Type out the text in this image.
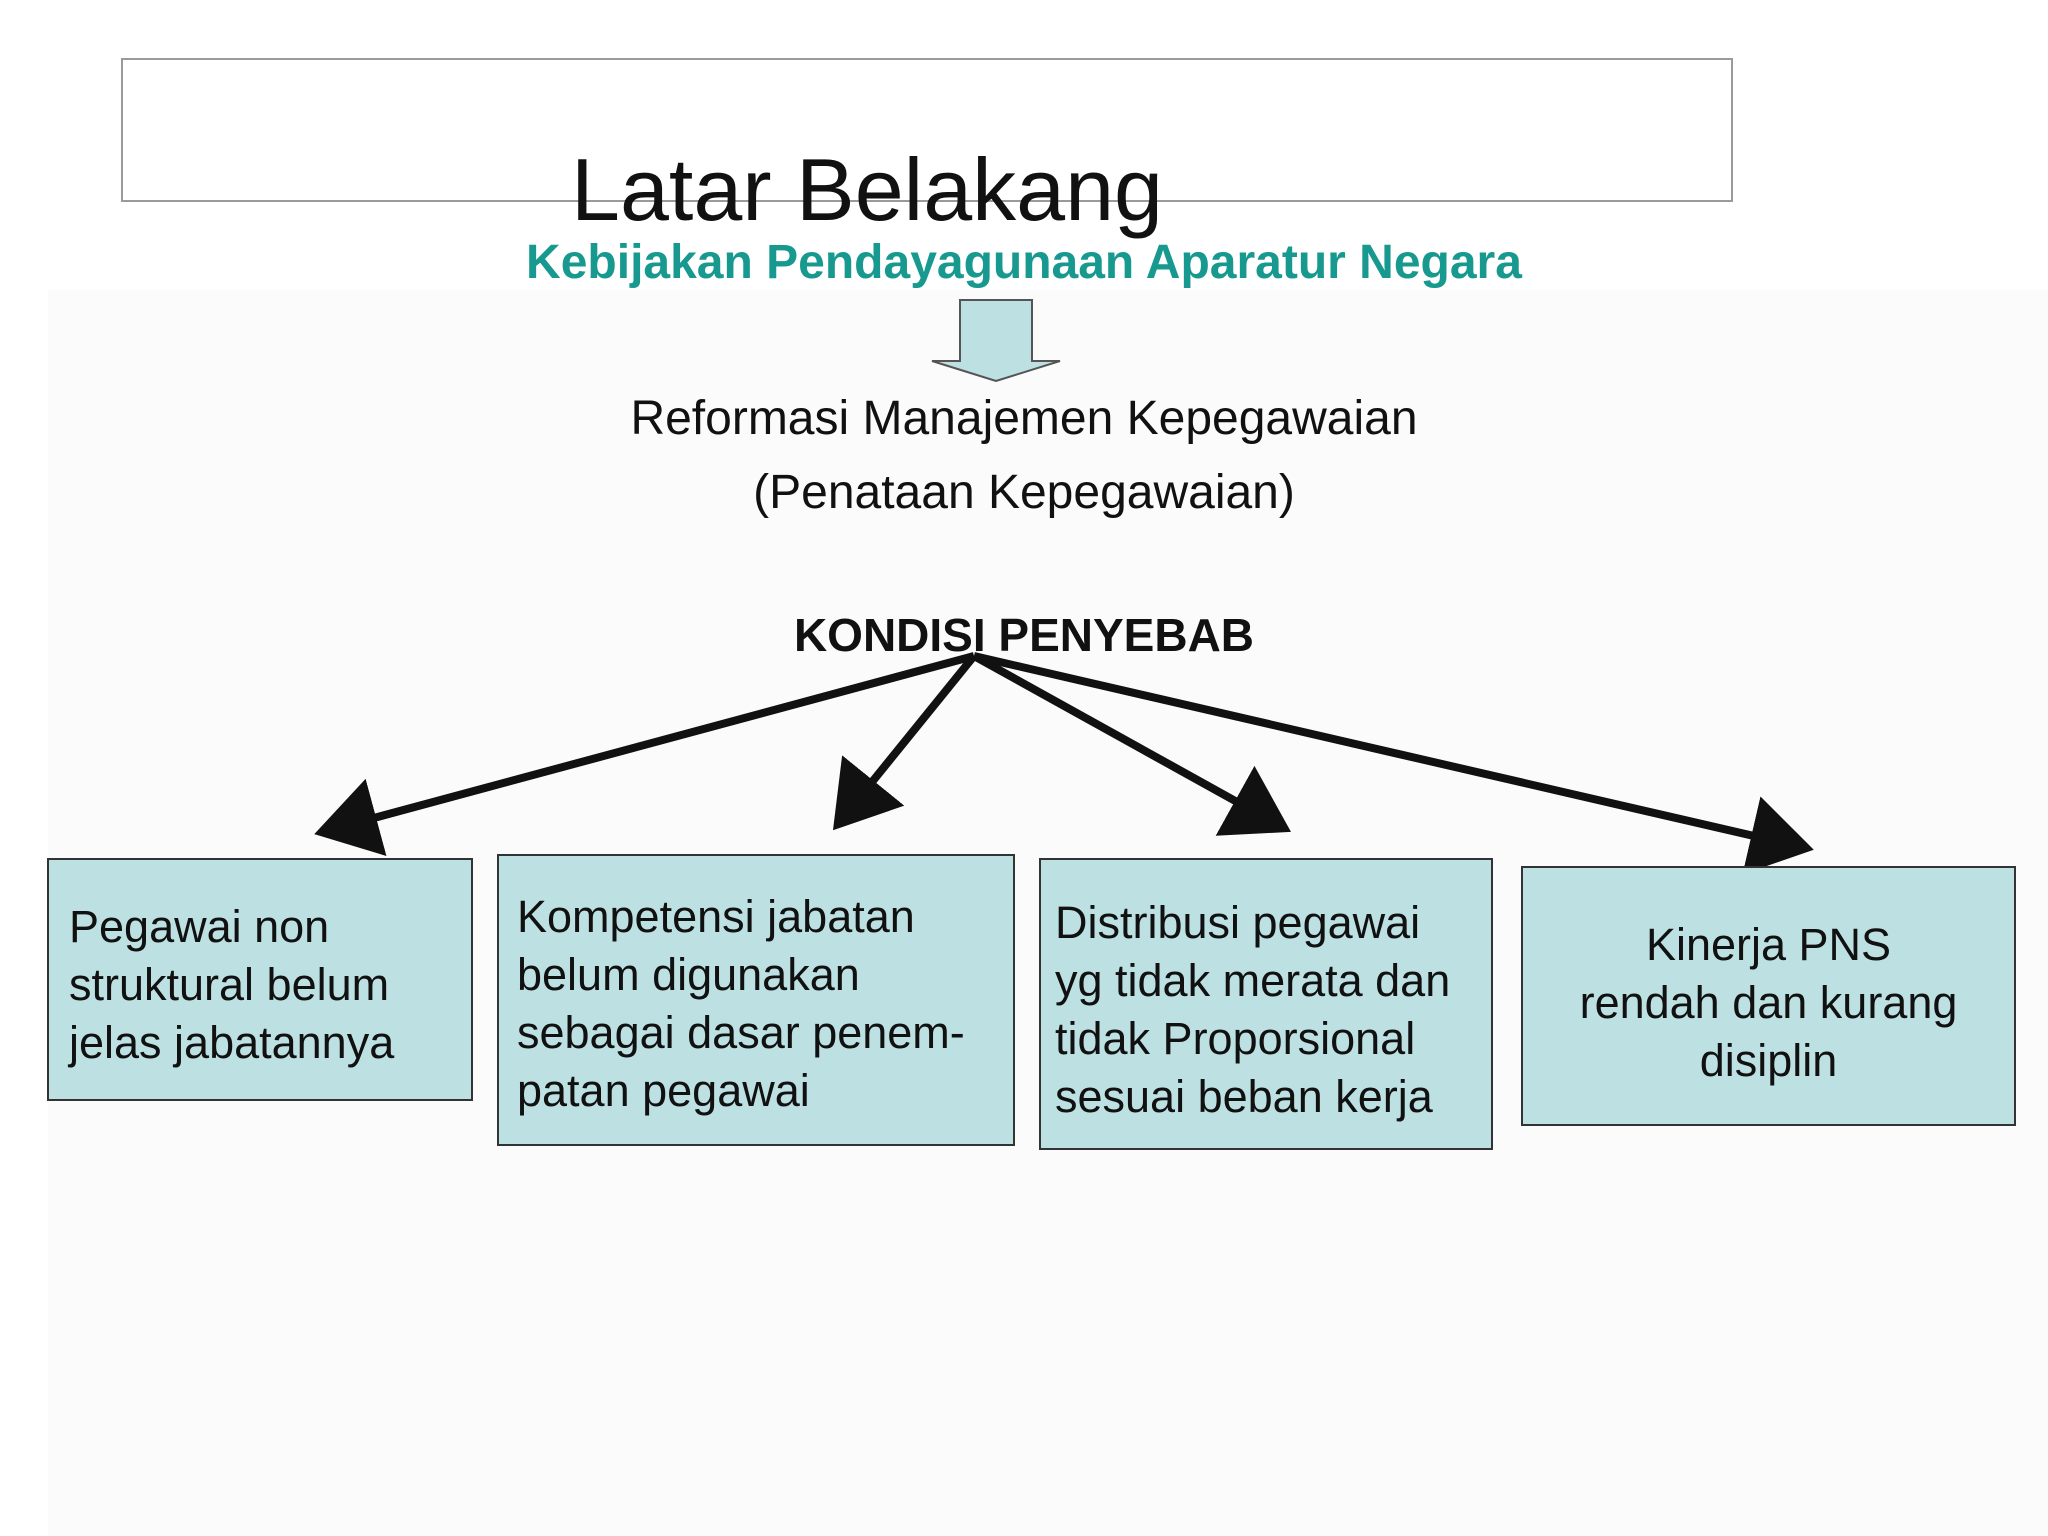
Latar Belakang
Kebijakan Pendayagunaan Aparatur Negara
Reformasi Manajemen Kepegawaian
(Penataan Kepegawaian)
KONDISI PENYEBAB
Pegawai non
struktural belum
jelas jabatannya
Kompetensi jabatan
belum digunakan
sebagai dasar penem-
patan pegawai
Distribusi pegawai
yg tidak merata dan
tidak Proporsional
sesuai beban kerja
Kinerja PNS
rendah dan kurang
disiplin
